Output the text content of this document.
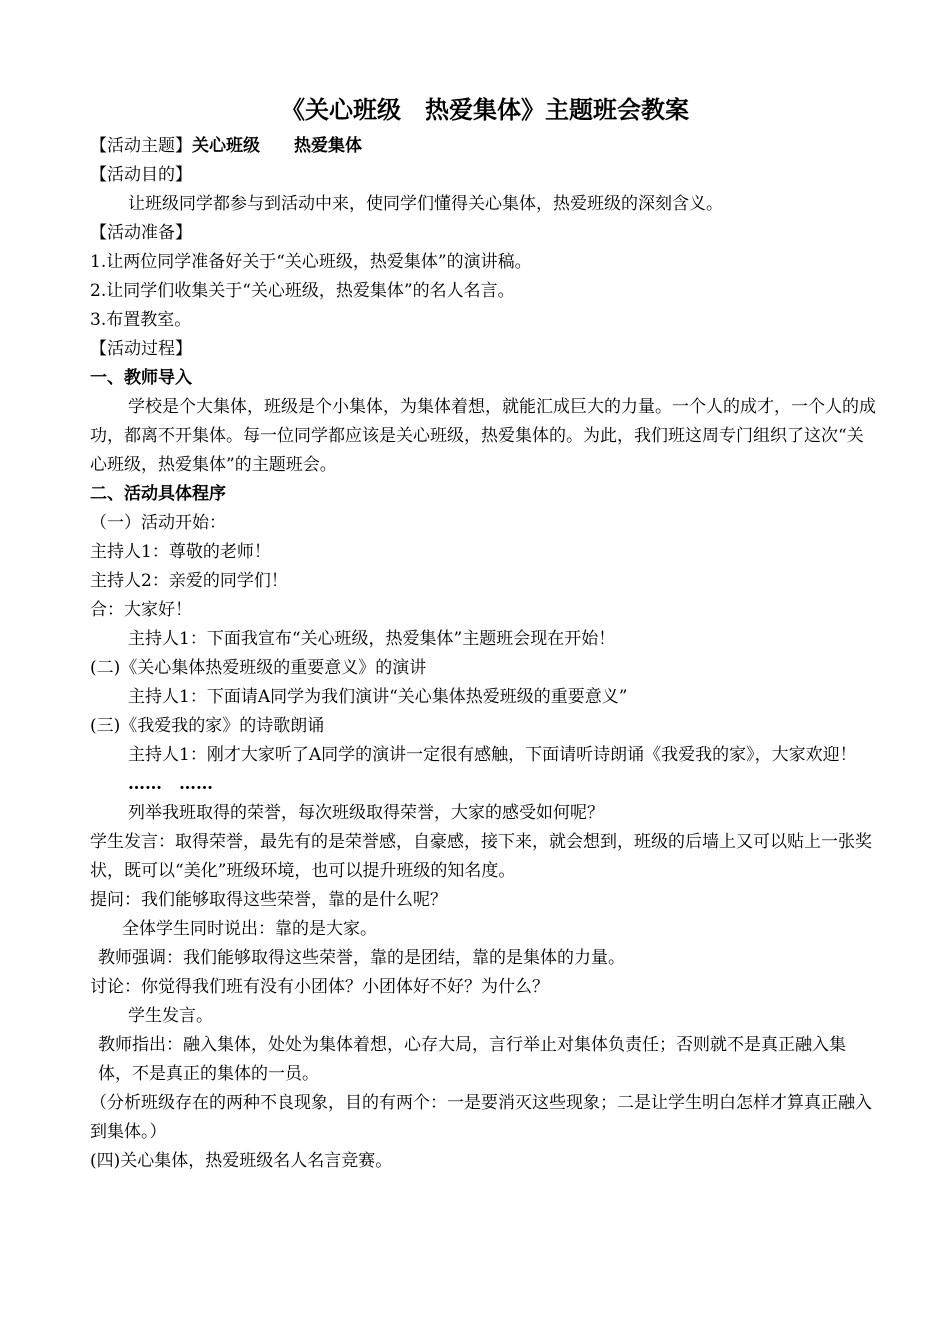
《关心班级　热爱集体》主题班会教案

【活动主题】关心班级　　热爱集体

【活动目的】

让班级同学都参与到活动中来，使同学们懂得关心集体，热爱班级的深刻含义。

【活动准备】

1.让两位同学准备好关于“关心班级，热爱集体”的演讲稿。

2.让同学们收集关于“关心班级，热爱集体”的名人名言。

3.布置教室。

【活动过程】

一、教师导入

学校是个大集体，班级是个小集体，为集体着想，就能汇成巨大的力量。一个人的成才，一个人的成功，都离不开集体。每一位同学都应该是关心班级，热爱集体的。为此，我们班这周专门组织了这次“关心班级，热爱集体”的主题班会。

二、活动具体程序

（一）活动开始：

主持人1：尊敬的老师！

主持人2：亲爱的同学们！

合：大家好！

主持人1：下面我宣布“关心班级，热爱集体”主题班会现在开始！

(二)《关心集体热爱班级的重要意义》的演讲

主持人1：下面请A同学为我们演讲“关心集体热爱班级的重要意义”

(三)《我爱我的家》的诗歌朗诵

主持人1：刚才大家听了A同学的演讲一定很有感触，下面请听诗朗诵《我爱我的家》，大家欢迎！

……　……

列举我班取得的荣誉，每次班级取得荣誉，大家的感受如何呢？

学生发言：取得荣誉，最先有的是荣誉感，自豪感，接下来，就会想到，班级的后墙上又可以贴上一张奖状，既可以“美化”班级环境，也可以提升班级的知名度。

提问：我们能够取得这些荣誉，靠的是什么呢？

全体学生同时说出：靠的是大家。

教师强调：我们能够取得这些荣誉，靠的是团结，靠的是集体的力量。

讨论：你觉得我们班有没有小团体？小团体好不好？为什么？

学生发言。

教师指出：融入集体，处处为集体着想，心存大局，言行举止对集体负责任；否则就不是真正融入集体，不是真正的集体的一员。

（分析班级存在的两种不良现象，目的有两个：一是要消灭这些现象；二是让学生明白怎样才算真正融入到集体。）

(四)关心集体，热爱班级名人名言竞赛。
